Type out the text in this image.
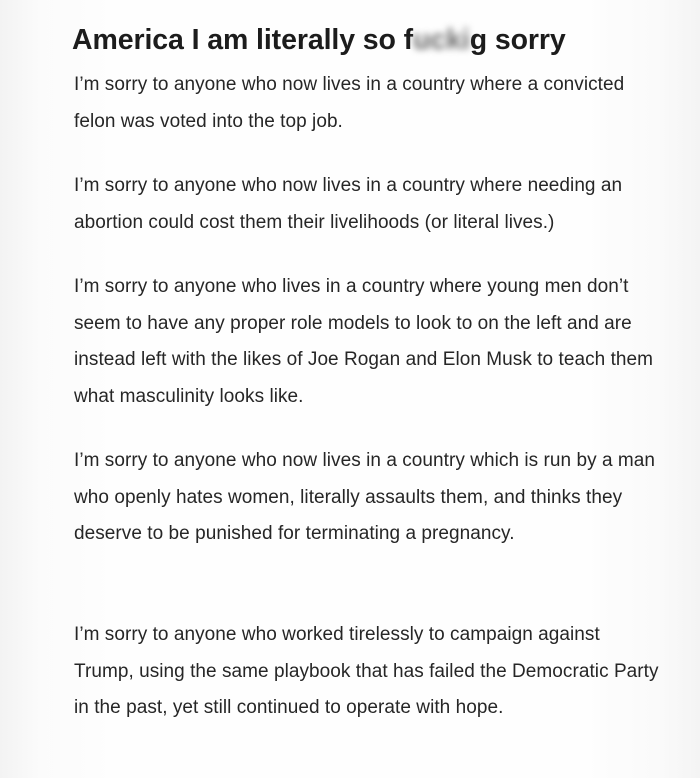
America I am literally so fuckig sorry

I’m sorry to anyone who now lives in a country where a convicted felon was voted into the top job.

I’m sorry to anyone who now lives in a country where needing an abortion could cost them their livelihoods (or literal lives.)

I’m sorry to anyone who lives in a country where young men don’t seem to have any proper role models to look to on the left and are instead left with the likes of Joe Rogan and Elon Musk to teach them what masculinity looks like.

I’m sorry to anyone who now lives in a country which is run by a man who openly hates women, literally assaults them, and thinks they deserve to be punished for terminating a pregnancy.

I’m sorry to anyone who worked tirelessly to campaign against Trump, using the same playbook that has failed the Democratic Party in the past, yet still continued to operate with hope.
